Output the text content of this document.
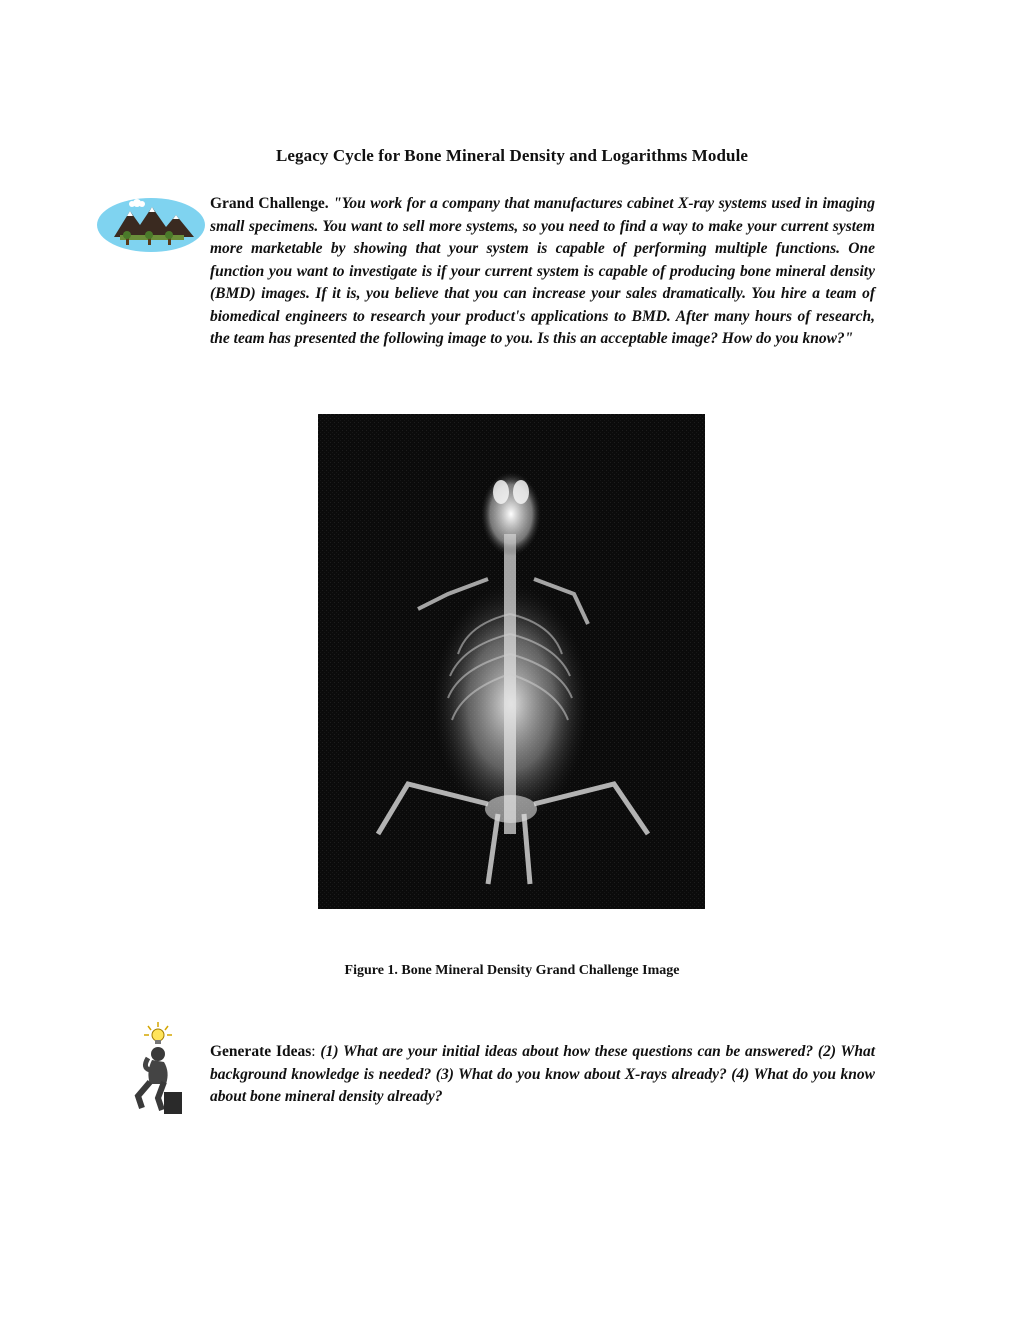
Legacy Cycle for Bone Mineral Density and Logarithms Module
Grand Challenge. "You work for a company that manufactures cabinet X-ray systems used in imaging small specimens. You want to sell more systems, so you need to find a way to make your current system more marketable by showing that your system is capable of performing multiple functions. One function you want to investigate is if your current system is capable of producing bone mineral density (BMD) images. If it is, you believe that you can increase your sales dramatically. You hire a team of biomedical engineers to research your product's applications to BMD. After many hours of research, the team has presented the following image to you. Is this an acceptable image? How do you know?"
Figure 1. Bone Mineral Density Grand Challenge Image
Generate Ideas: (1) What are your initial ideas about how these questions can be answered? (2) What background knowledge is needed? (3) What do you know about X-rays already? (4) What do you know about bone mineral density already?
